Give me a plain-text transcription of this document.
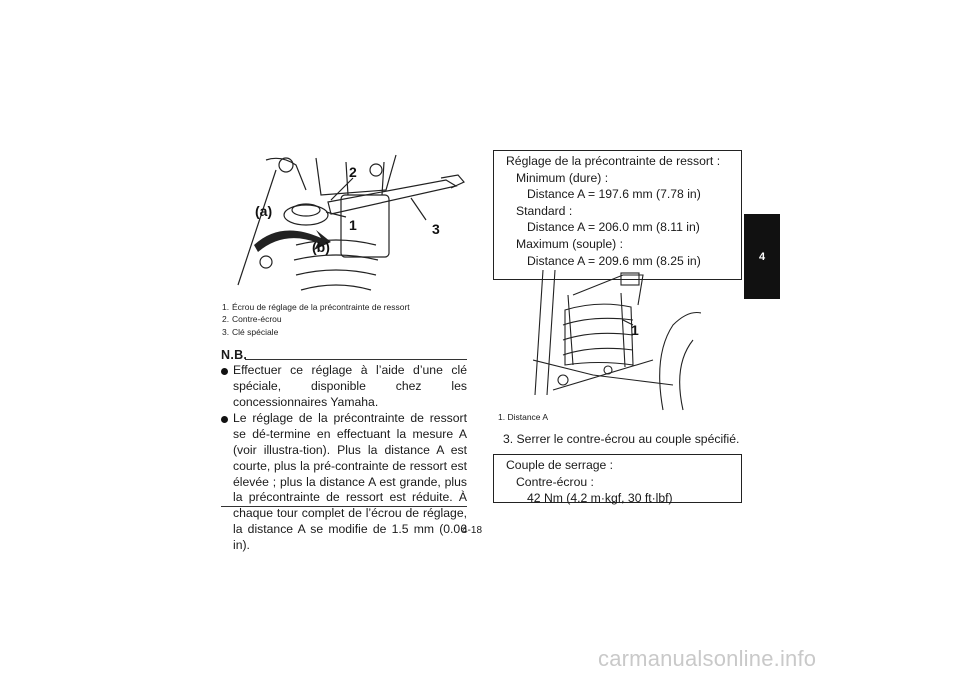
2
1	3
(a)
(b)
1. Écrou de réglage de la précontrainte de ressort
2. Contre-écrou
3. Clé spéciale
N.B.
Effectuer ce réglage à l’aide d’une clé spéciale, disponible chez les concessionnaires Yamaha.
Le réglage de la précontrainte de ressort se dé-termine en effectuant la mesure A (voir illustra-tion). Plus la distance A est courte, plus la pré-contrainte de ressort est élevée ; plus la distance A est grande, plus la précontrainte de ressort est réduite. À chaque tour complet de l’écrou de réglage, la distance A se modifie de 1.5 mm (0.06 in).
Réglage de la précontrainte de ressort :
Minimum (dure) :
Distance A = 197.6 mm (7.78 in)
Standard :
Distance A = 206.0 mm (8.11 in)
Maximum (souple) :
Distance A = 209.6 mm (8.25 in)
1
1. Distance A
3. Serrer le contre-écrou au couple spécifié.
Couple de serrage :
Contre-écrou :
42 Nm (4.2 m·kgf, 30 ft·lbf)
4-18
4
carmanualsonline.info
